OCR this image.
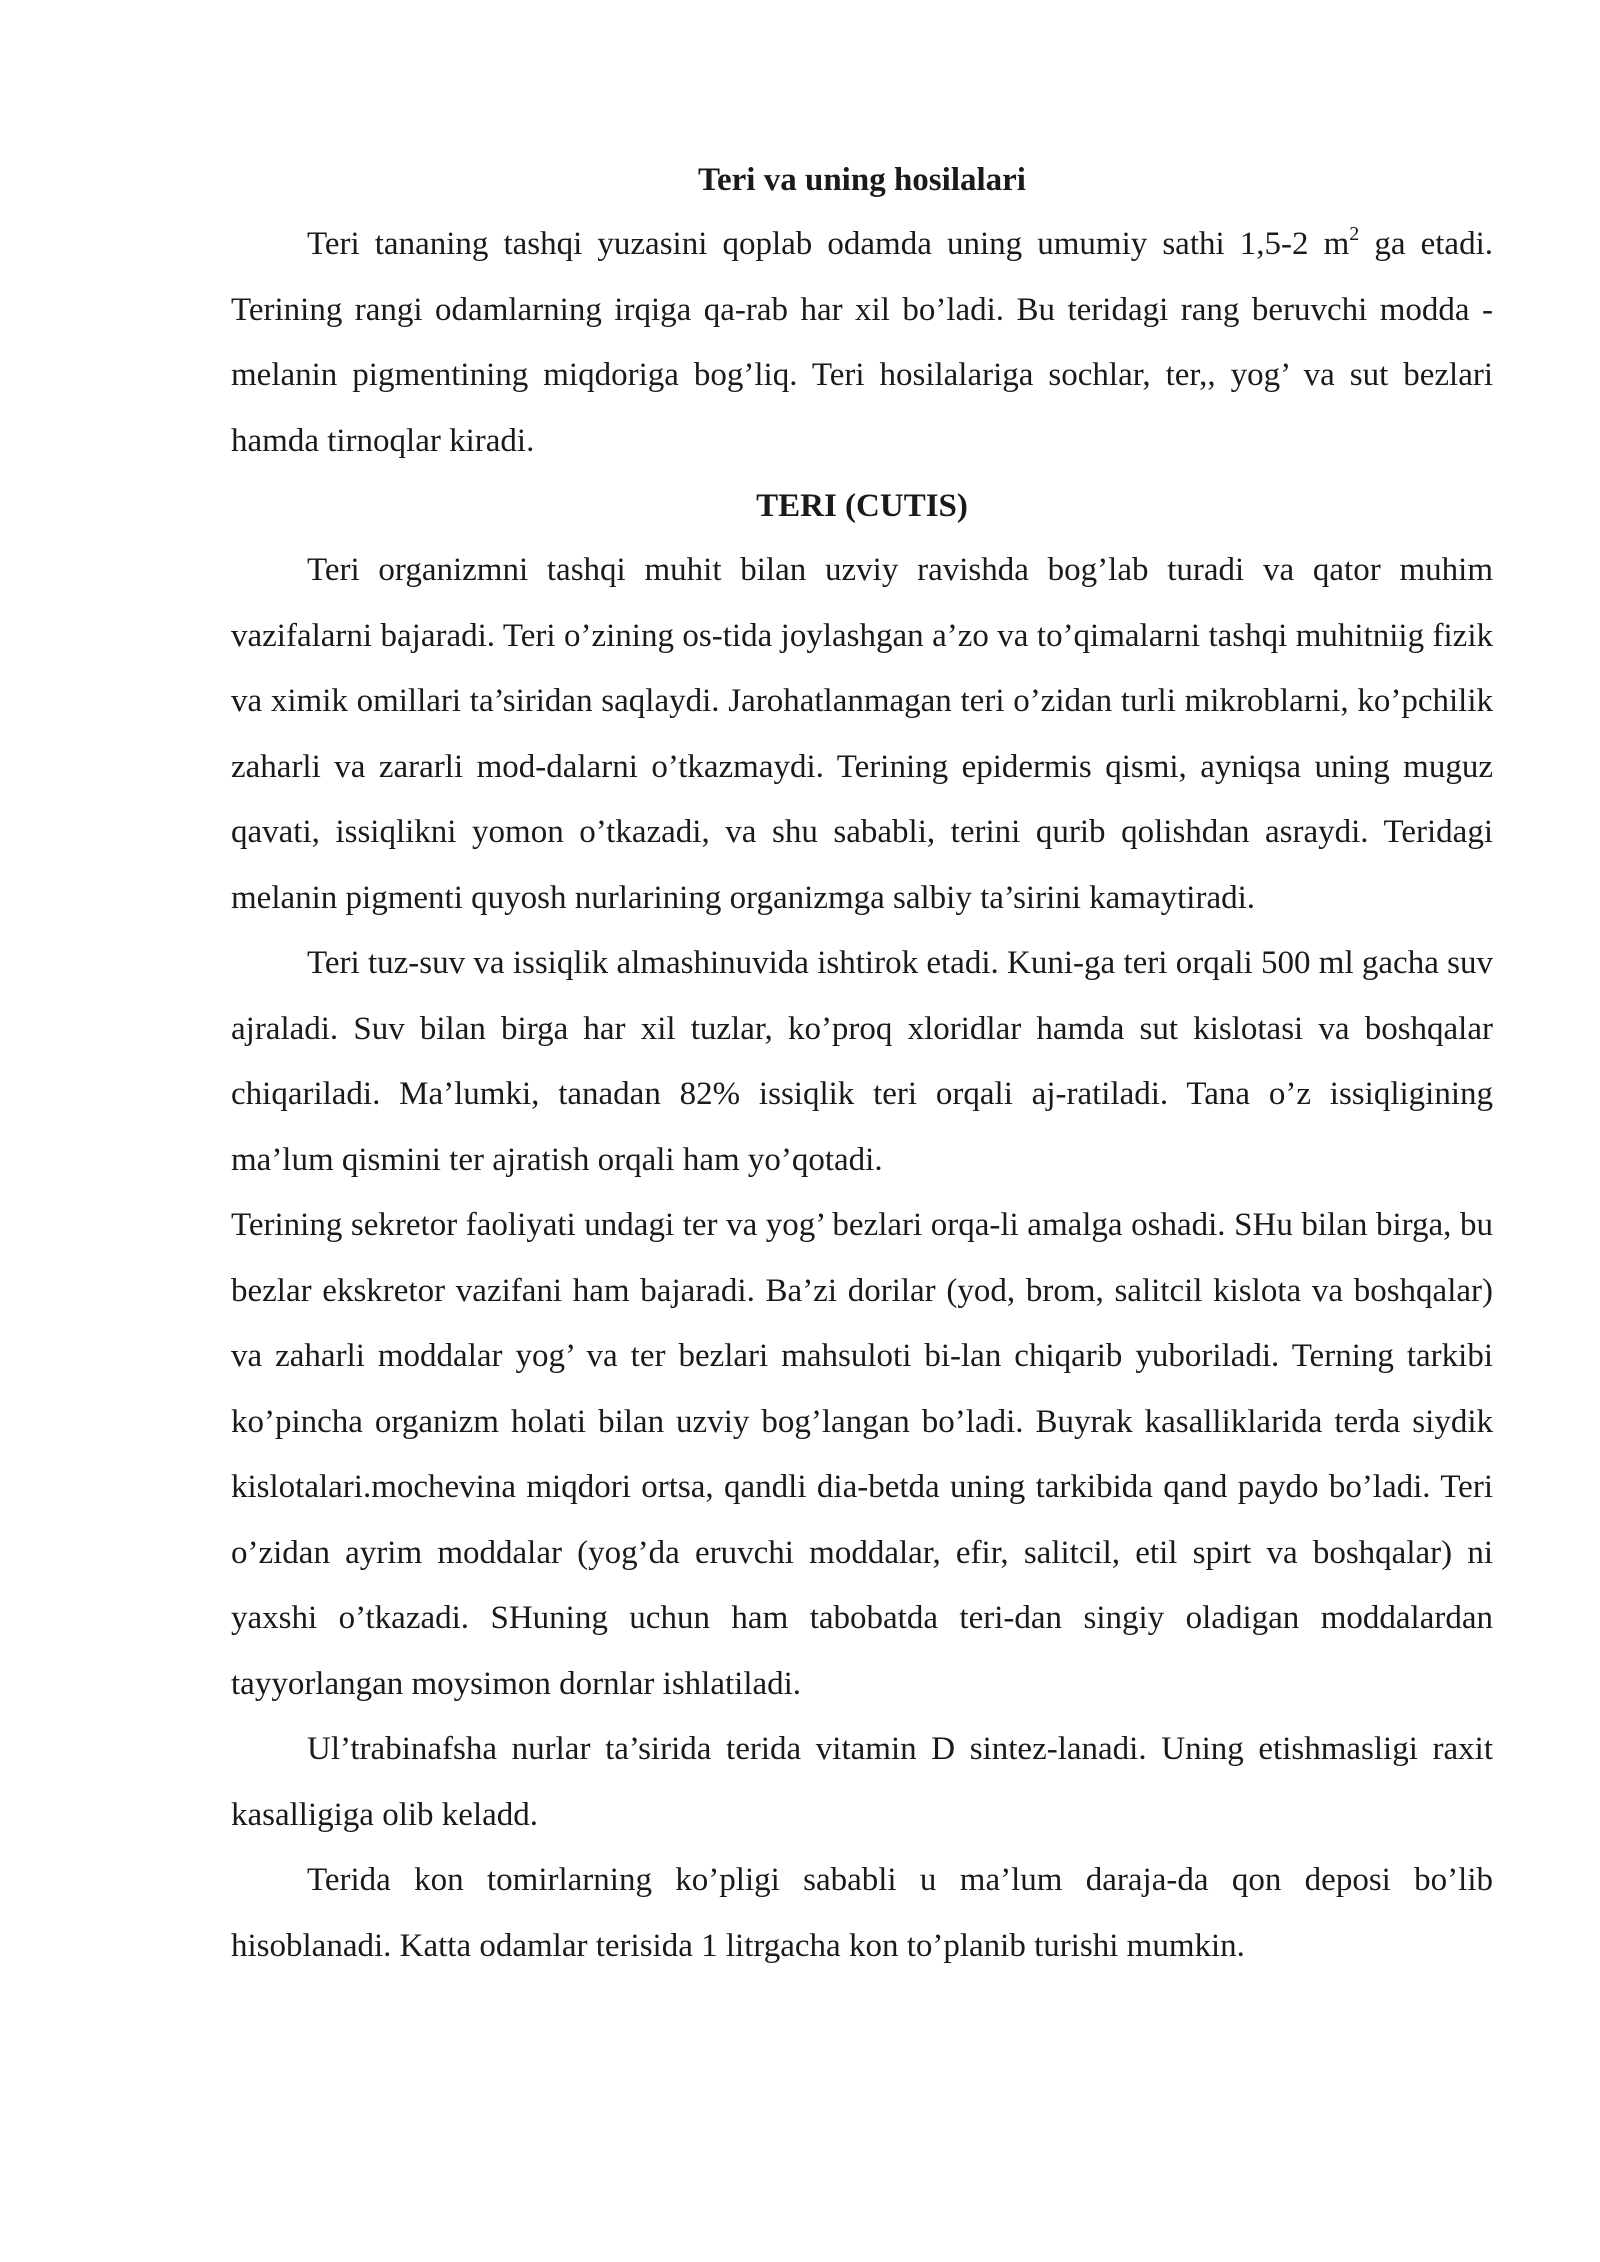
Teri va uning hosilalari

Teri tananing tashqi yuzasini qoplab odamda uning umumiy sathi 1,5-2 $m^2$ ga etadi. Terining rangi odamlarning irqiga qa-rab har xil bo’ladi. Bu teridagi rang beruvchi modda - melanin pigmentining miqdoriga bog’liq. Teri hosilalariga sochlar, ter,, yog’ va sut bezlari hamda tirnoqlar kiradi.

TERI (CUTIS)

Teri organizmni tashqi muhit bilan uzviy ravishda bog’lab turadi va qator muhim vazifalarni bajaradi. Teri o’zining os-tida joylashgan a’zo va to’qimalarni tashqi muhitniig fizik va ximik omillari ta’siridan saqlaydi. Jarohatlanmagan teri o’zidan turli mikroblarni, ko’pchilik zaharli va zararli mod-dalarni o’tkazmaydi. Terining epidermis qismi, ayniqsa uning muguz qavati, issiqlikni yomon o’tkazadi, va shu sababli, terini qurib qolishdan asraydi. Teridagi melanin pigmenti quyosh nurlarining organizmga salbiy ta’sirini kamaytiradi.

Teri tuz-suv va issiqlik almashinuvida ishtirok etadi. Kuni-ga teri orqali 500 ml gacha suv ajraladi. Suv bilan birga har xil tuzlar, ko’proq xloridlar hamda sut kislotasi va boshqalar chiqariladi. Ma’lumki, tanadan 82% issiqlik teri orqali aj-ratiladi. Tana o’z issiqligining ma’lum qismini ter ajratish orqali ham yo’qotadi.

Terining sekretor faoliyati undagi ter va yog’ bezlari orqa-li amalga oshadi. SHu bilan birga, bu bezlar ekskretor vazifani ham bajaradi. Ba’zi dorilar (yod, brom, salitcil kislota va boshqalar) va zaharli moddalar yog’ va ter bezlari mahsuloti bi-lan chiqarib yuboriladi. Terning tarkibi ko’pincha organizm holati bilan uzviy bog’langan bo’ladi. Buyrak kasalliklarida terda siydik kislotalari.mochevina miqdori ortsa, qandli dia-betda uning tarkibida qand paydo bo’ladi. Teri o’zidan ayrim moddalar (yog’da eruvchi moddalar, efir, salitcil, etil spirt va boshqalar) ni yaxshi o’tkazadi. SHuning uchun ham tabobatda teri-dan singiy oladigan moddalardan tayyorlangan moysimon dornlar ishlatiladi.

Ul’trabinafsha nurlar ta’sirida terida vitamin D sintez-lanadi. Uning etishmasligi raxit kasalligiga olib keladd.

Terida kon tomirlarning ko’pligi sababli u ma’lum daraja-da qon deposi bo’lib hisoblanadi. Katta odamlar terisida 1 litrgacha kon to’planib turishi mumkin.
